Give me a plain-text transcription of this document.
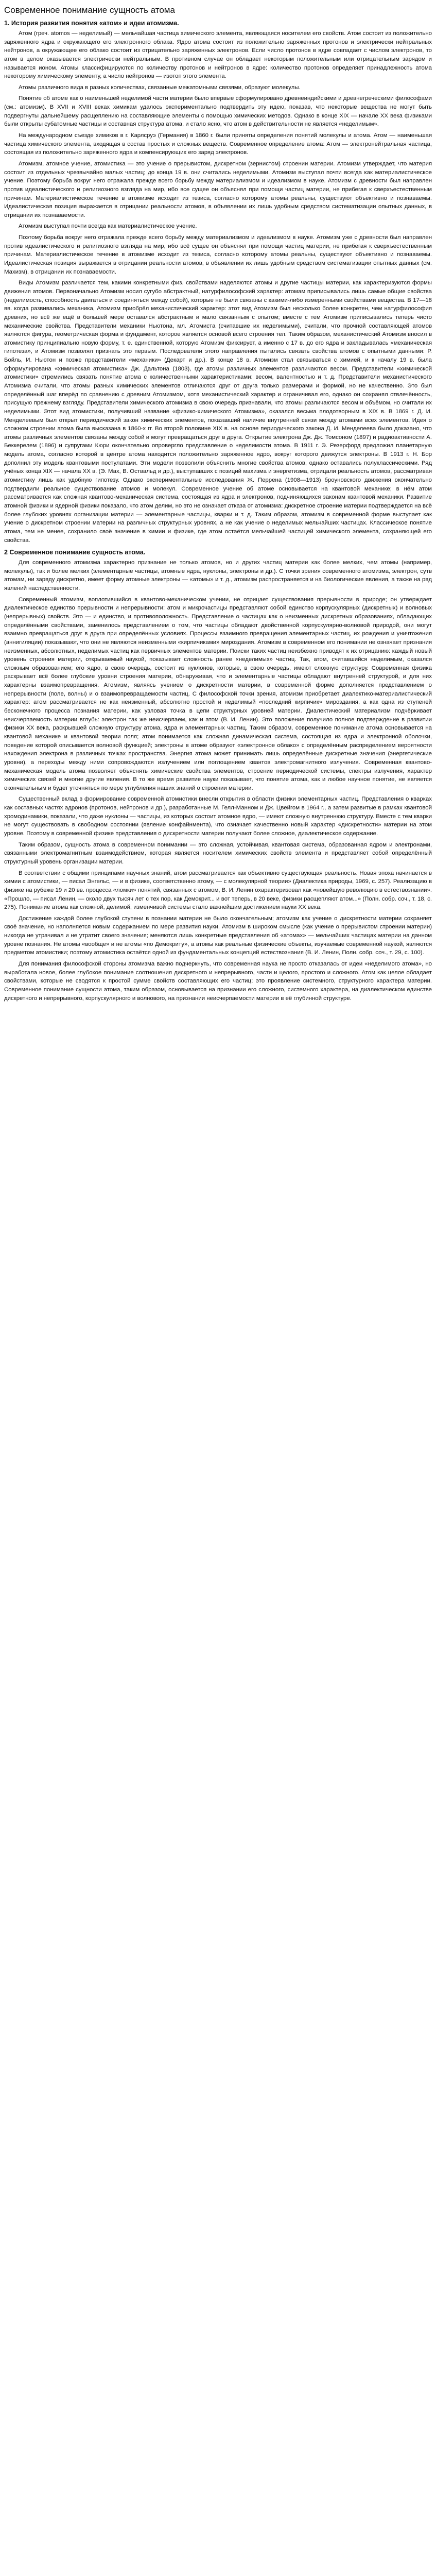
Современное понимание сущность атома
1. История развития понятия «атом» и идеи атомизма.

Атом (греч. atomos — неделимый) — мельчайшая частица химического элемента, являющаяся носителем его свойств. Атом состоит из положительно заряженного ядра и окружающего его электронного облака. Ядро атома состоит из положительно заряженных протонов и электрически нейтральных нейтронов, а окружающее его облако состоит из отрицательно заряженных электронов. Если число протонов в ядре совпадает с числом электронов, то атом в целом оказывается электрически нейтральным. В противном случае он обладает некоторым положительным или отрицательным зарядом и называется ионом. Атомы классифицируются по количеству протонов и нейтронов в ядре: количество протонов определяет принадлежность атома некоторому химическому элементу, а число нейтронов — изотоп этого элемента.

Атомы различного вида в разных количествах, связанные межатомными связями, образуют молекулы.

Понятие об атоме как о наименьшей неделимой части материи было впервые сформулировано древнеиндийскими и древнегреческими философами (см.: атомизм). В XVII и XVIII веках химикам удалось экспериментально подтвердить эту идею, показав, что некоторые вещества не могут быть подвергнуты дальнейшему расщеплению на составляющие элементы с помощью химических методов. Однако в конце XIX — начале XX века физиками были открыты субатомные частицы и составная структура атома, и стало ясно, что атом в действительности не является «неделимым».

На международном съезде химиков в г. Карлсруэ (Германия) в 1860 г. были приняты определения понятий молекулы и атома. Атом — наименьшая частица химического элемента, входящая в состав простых и сложных веществ. Современное определение атома: Атом — электронейтральная частица, состоящая из положительно заряженного ядра и компенсирующих его заряд электронов.

Атомизм, атомное учение, атомистика — это учение о прерывистом, дискретном (зернистом) строении материи. Атомизм утверждает, что материя состоит из отдельных чрезвычайно малых частиц; до конца 19 в. они считались неделимыми. Атомизм выступал почти всегда как материалистическое учение. Поэтому борьба вокруг него отражала прежде всего борьбу между материализмом и идеализмом в науке. Атомизм с древности был направлен против идеалистического и религиозного взгляда на мир, ибо все сущее он объяснял при помощи частиц материи, не прибегая к сверхъестественным причинам. Материалистическое течение в атомизме исходит из тезиса, согласно которому атомы реальны, существуют объективно и познаваемы. Идеалистическая позиция выражается в отрицании реальности атомов, в объявлении их лишь удобным средством систематизации опытных данных, в отрицании их познаваемости.

Атомизм выступал почти всегда как материалистическое учение.

Поэтому борьба вокруг него отражала прежде всего борьбу между материализмом и идеализмом в науке. Атомизм уже с древности был направлен против идеалистического и религиозного взгляда на мир, ибо всё сущее он объяснял при помощи частиц материи, не прибегая к сверхъестественным причинам. Материалистическое течение в атомизме исходит из тезиса, согласно которому атомы реальны, существуют объективно и познаваемы. Идеалистическая позиция выражается в отрицании реальности атомов, в объявлении их лишь удобным средством систематизации опытных данных (см. Махизм), в отрицании их познаваемости.

Виды Атомизм различается тем, какими конкретными физ. свойствами наделяются атомы и другие частицы материи, как характеризуются формы движения атомов. Первоначально Атомизм носил сугубо абстрактный, натурфилософский характер: атомам приписывались лишь самые общие свойства (неделимость, способность двигаться и соединяться между собой), которые не были связаны с какими-либо измеренными свойствами вещества. В 17—18 вв. когда развивались механика, Атомизм приобрёл механистический характер: этот вид Атомизм был несколько более конкретен, чем натурфилософия древних, но всё же ещё в большей мере оставался абстрактным и мало связанным с опытом; вместе с тем Атомизм приписывались теперь чисто механические свойства. Представители механики Ньютона, мл. Атомиста (считавшие их неделимыми), считали, что прочной составляющей атомов являются фигура, геометрическая форма и фундамент, которое является основой всего строения тел. Таким образом, механистический Атомизм вносил в атомистику принципиально новую форму, т. е. единственной, которую Атомизм фиксирует, а именно с 17 в. до его ядра и закладывалась «механическая гипотеза», и Атомизм позволял признать это первым. Последователи этого направления пытались связать свойства атомов с опытными данными: Р. Бойль, И. Ньютон и позже представители «механики» (Декарт и др.). В конце 18 в. Атомизм стал связываться с химией, и к началу 19 в. была сформулирована «химическая атомистика» Дж. Дальтона (1803), где атомы различных элементов различаются весом. Представители «химической атомистики» стремились связать понятие атома с количественными характеристиками: весом, валентностью и т. д. Представители механистического Атомизма считали, что атомы разных химических элементов отличаются друг от друга только размерами и формой, но не качественно. Это был определённый шаг вперёд по сравнению с древним Атомизмом, хотя механистический характер и ограничивал его, однако он сохранял отвлечённость, присущую прежнему взгляду. Представители химического атомизма в свою очередь признавали, что атомы различаются весом и объёмом, но считали их неделимыми. Этот вид атомистики, получивший название «физико-химического Атомизма», оказался весьма плодотворным в XIX в. В 1869 г. Д. И. Менделеевым был открыт периодический закон химических элементов, показавший наличие внутренней связи между атомами всех элементов. Идея о сложном строении атома была высказана в 1860-х гг. Во второй половине XIX в. на основе периодического закона Д. И. Менделеева было доказано, что атомы различных элементов связаны между собой и могут превращаться друг в друга. Открытие электрона Дж. Дж. Томсоном (1897) и радиоактивности А. Беккерелем (1896) и супругами Кюри окончательно опровергло представление о неделимости атома. В 1911 г. Э. Резерфорд предложил планетарную модель атома, согласно которой в центре атома находится положительно заряженное ядро, вокруг которого движутся электроны. В 1913 г. Н. Бор дополнил эту модель квантовыми постулатами. Эти модели позволили объяснить многие свойства атомов, однако оставались полуклассическими. Ряд учёных конца XIX — начала XX в. (Э. Мах, В. Оствальд и др.), выступавших с позиций махизма и энергетизма, отрицали реальность атомов, рассматривая атомистику лишь как удобную гипотезу. Однако экспериментальные исследования Ж. Перрена (1908—1913) броуновского движения окончательно подтвердили реальное существование атомов и молекул. Современное учение об атоме основывается на квантовой механике; в нём атом рассматривается как сложная квантово-механическая система, состоящая из ядра и электронов, подчиняющихся законам квантовой механики. Развитие атомной физики и ядерной физики показало, что атом делим, но это не означает отказа от атомизма: дискретное строение материи подтверждается на всё более глубоких уровнях организации материи — элементарные частицы, кварки и т. д. Таким образом, атомизм в современной форме выступает как учение о дискретном строении материи на различных структурных уровнях, а не как учение о неделимых мельчайших частицах. Классическое понятие атома, тем не менее, сохранило своё значение в химии и физике, где атом остаётся мельчайшей частицей химического элемента, сохраняющей его свойства.

2 Современное понимание сущность атома.

Для современного атомизма характерно признание не только атомов, но и других частиц материи как более мелких, чем атомы (например, молекулы), так и более мелких (элементарные частицы, атомные ядра, нуклоны, электроны и др.). С точки зрения современного атомизма, электрон, сутв атомам, ни заряду дискретно, имеет форму атомные электроны — «атомы» и т. д., атомизм распространяется и на биологические явления, а также на ряд явлений наследственности.

Современный атомизм, воплотившийся в квантово-механическом учении, не отрицает существования прерывности в природе; он утверждает диалектическое единство прерывности и непрерывности: атом и микрочастицы представляют собой единство корпускулярных (дискретных) и волновых (непрерывных) свойств. Это — и единство, и противоположность. Представление о частицах как о неизменных дискретных образованиях, обладающих определёнными свойствами, заменилось представлением о том, что частицы обладают двойственной корпускулярно-волновой природой, они могут взаимно превращаться друг в друга при определённых условиях. Процессы взаимного превращения элементарных частиц, их рождения и уничтожения (аннигиляции) показывают, что они не являются неизменными «кирпичиками» мироздания. Атомизм в современном его понимании не означает признания неизменных, абсолютных, неделимых частиц как первичных элементов материи. Поиски таких частиц неизбежно приводят к их отрицанию: каждый новый уровень строения материи, открываемый наукой, показывает сложность ранее «неделимых» частиц. Так, атом, считавшийся неделимым, оказался сложным образованием; его ядро, в свою очередь, состоит из нуклонов, которые, в свою очередь, имеют сложную структуру. Современная физика раскрывает всё более глубокие уровни строения материи, обнаруживая, что и элементарные частицы обладают внутренней структурой, и для них характерны взаимопревращения. Атомизм, являясь учением о дискретности материи, в современной форме дополняется представлением о непрерывности (поле, волны) и о взаимопревращаемости частиц. С философской точки зрения, атомизм приобретает диалектико-материалистический характер: атом рассматривается не как неизменный, абсолютно простой и неделимый «последний кирпичик» мироздания, а как одна из ступеней бесконечного процесса познания материи, как узловая точка в цепи структурных уровней материи. Диалектический материализм подчёркивает неисчерпаемость материи вглубь: электрон так же неисчерпаем, как и атом (В. И. Ленин). Это положение получило полное подтверждение в развитии физики XX века, раскрывшей сложную структуру атома, ядра и элементарных частиц. Таким образом, современное понимание атома основывается на квантовой механике и квантовой теории поля; атом понимается как сложная динамическая система, состоящая из ядра и электронной оболочки, поведение которой описывается волновой функцией; электроны в атоме образуют «электронное облако» с определённым распределением вероятности нахождения электрона в различных точках пространства. Энергия атома может принимать лишь определённые дискретные значения (энергетические уровни), а переходы между ними сопровождаются излучением или поглощением квантов электромагнитного излучения. Современная квантово-механическая модель атома позволяет объяснять химические свойства элементов, строение периодической системы, спектры излучения, характер химических связей и многие другие явления. В то же время развитие науки показывает, что понятие атома, как и любое научное понятие, не является окончательным и будет уточняться по мере углубления наших знаний о строении материи.

Существенный вклад в формирование современной атомистики внесли открытия в области физики элементарных частиц. Представления о кварках как составных частях адронов (протонов, нейтронов и др.), разработанные М. Гелл-Манном и Дж. Цвейгом в 1964 г., а затем развитые в рамках квантовой хромодинамики, показали, что даже нуклоны — частицы, из которых состоит атомное ядро, — имеют сложную внутреннюю структуру. Вместе с тем кварки не могут существовать в свободном состоянии (явление конфайнмента), что означает качественно новый характер «дискретности» материи на этом уровне. Поэтому в современной физике представления о дискретности материи получают более сложное, диалектическое содержание.

Таким образом, сущность атома в современном понимании — это сложная, устойчивая, квантовая система, образованная ядром и электронами, связанными электромагнитным взаимодействием, которая является носителем химических свойств элемента и представляет собой определённый структурный уровень организации материи.

В соответствии с общими принципами научных знаний, атом рассматривается как объективно существующая реальность. Новая эпоха начинается в химии с атомистики, — писал Энгельс, — и в физике, соответственно атому, — с молекулярной теории» (Диалектика природы, 1969, с. 257). Реализацию в физике на рубеже 19 и 20 вв. процесса «ломки» понятий, связанных с атомом, В. И. Ленин охарактеризовал как «новейшую революцию в естествознании». «Прошло, — писал Ленин, — около двух тысяч лет с тех пор, как Демокрит... и вот теперь, в 20 веке, физики расщепляют атом...» (Полн. собр. соч., т. 18, с. 275). Понимание атома как сложной, делимой, изменчивой системы стало важнейшим достижением науки XX века.

Достижение каждой более глубокой ступени в познании материи не было окончательным; атомизм как учение о дискретности материи сохраняет своё значение, но наполняется новым содержанием по мере развития науки. Атомизм в широком смысле (как учение о прерывистом строении материи) никогда не утрачивал и не утратит своего значения; меняются лишь конкретные представления об «атомах» — мельчайших частицах материи на данном уровне познания. Не атомы «вообще» и не атомы «по Демокриту», а атомы как реальные физические объекты, изучаемые современной наукой, являются предметом атомистики; поэтому атомистика остаётся одной из фундаментальных концепций естествознания (В. И. Ленин, Полн. собр. соч., т. 29, с. 100).

Для понимания философской стороны атомизма важно подчеркнуть, что современная наука не просто отказалась от идеи «неделимого атома», но выработала новое, более глубокое понимание соотношения дискретного и непрерывного, части и целого, простого и сложного. Атом как целое обладает свойствами, которые не сводятся к простой сумме свойств составляющих его частиц; это проявление системного, структурного характера материи. Современное понимание сущности атома, таким образом, основывается на признании его сложного, системного характера, на диалектическом единстве дискретного и непрерывного, корпускулярного и волнового, на признании неисчерпаемости материи в её глубинной структуре.
